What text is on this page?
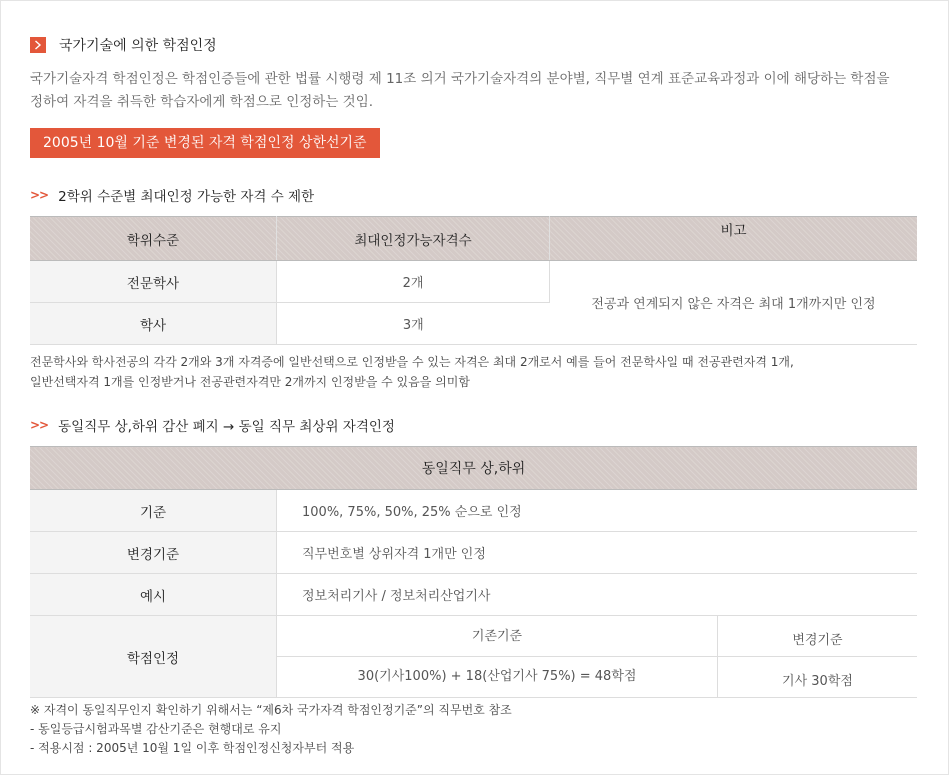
국가기술에 의한 학점인정
국가기술자격 학점인정은 학점인증들에 관한 법률 시행령 제 11조 의거 국가기술자격의 분야별, 직무별 연계 표준교육과정과 이에 해당하는 학점을 정하여 자격을 취득한 학습자에게 학점으로 인정하는 것임.
2005년 10월 기준 변경된 자격 학점인정 상한선기준
>> 2학위 수준별 최대인정 가능한 자격 수 제한
학위수준	최대인정가능자격수	비고
전문학사	2개	전공과 연계되지 않은 자격은 최대 1개까지만 인정
학사	3개	
전문학사와 학사전공의 각각 2개와 3개 자격증에 일반선택으로 인정받을 수 있는 자격은 최대 2개로서 예를 들어 전문학사일 때 전공관련자격 1개,
일반선택자격 1개를 인정받거나 전공관련자격만 2개까지 인정받을 수 있음을 의미함
>> 동일직무 상,하위 감산 폐지 → 동일 직무 최상위 자격인정
동일직무 상,하위		
기준	100%, 75%, 50%, 25% 순으로 인정	
변경기준	직무번호별 상위자격 1개만 인정	
예시	정보처리기사 / 정보처리산업기사	
학점인정	기존기준	변경기준
	30(기사100%) + 18(산업기사 75%) = 48학점	기사 30학점
※ 자격이 동일직무인지 확인하기 위해서는 “제6차 국가자격 학점인정기준”의 직무번호 참조
- 동일등급시험과목별 감산기준은 현행대로 유지
- 적용시점 : 2005년 10월 1일 이후 학점인정신청자부터 적용
